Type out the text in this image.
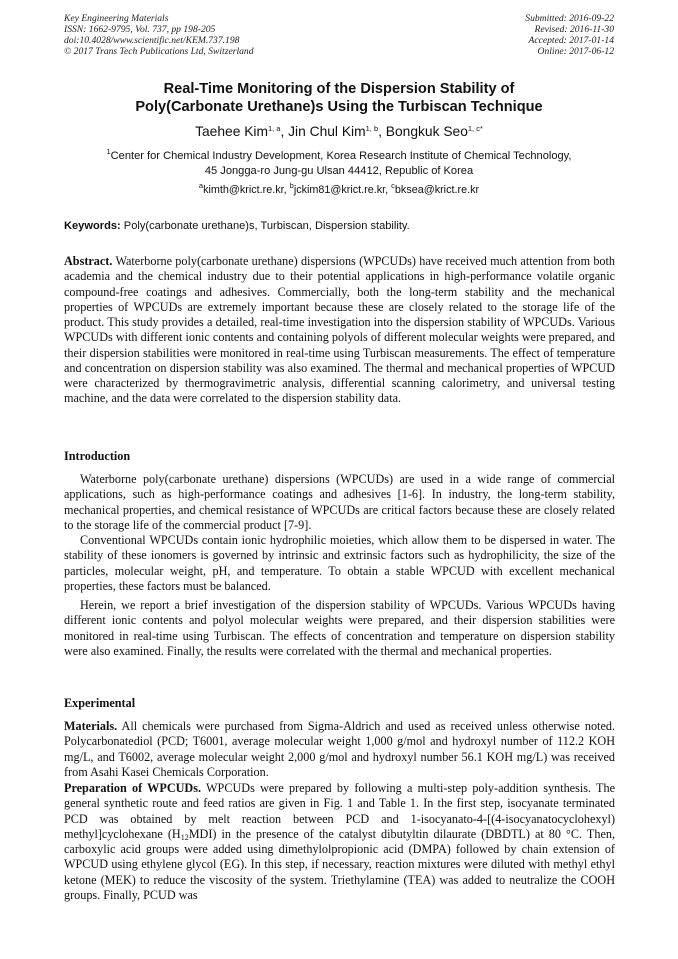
Key Engineering Materials
ISSN: 1662-9795, Vol. 737, pp 198-205
doi:10.4028/www.scientific.net/KEM.737.198
© 2017 Trans Tech Publications Ltd, Switzerland
Submitted: 2016-09-22
Revised: 2016-11-30
Accepted: 2017-01-14
Online: 2017-06-12
Real-Time Monitoring of the Dispersion Stability of
Poly(Carbonate Urethane)s Using the Turbiscan Technique
Taehee Kim$^{1, a}$, Jin Chul Kim$^{1, b}$, Bongkuk Seo$^{1, c*}$
$^1$Center for Chemical Industry Development, Korea Research Institute of Chemical Technology,
45 Jongga-ro Jung-gu Ulsan 44412, Republic of Korea
$^a$kimth@krict.re.kr, $^b$jckim81@krict.re.kr, $^c$bksea@krict.re.kr
Keywords: Poly(carbonate urethane)s, Turbiscan, Dispersion stability.
Abstract. Waterborne poly(carbonate urethane) dispersions (WPCUDs) have received much attention from both academia and the chemical industry due to their potential applications in high-performance volatile organic compound-free coatings and adhesives. Commercially, both the long-term stability and the mechanical properties of WPCUDs are extremely important because these are closely related to the storage life of the product. This study provides a detailed, real-time investigation into the dispersion stability of WPCUDs. Various WPCUDs with different ionic contents and containing polyols of different molecular weights were prepared, and their dispersion stabilities were monitored in real-time using Turbiscan measurements. The effect of temperature and concentration on dispersion stability was also examined. The thermal and mechanical properties of WPCUD were characterized by thermogravimetric analysis, differential scanning calorimetry, and universal testing machine, and the data were correlated to the dispersion stability data.
Introduction
Waterborne poly(carbonate urethane) dispersions (WPCUDs) are used in a wide range of commercial applications, such as high-performance coatings and adhesives [1-6]. In industry, the long-term stability, mechanical properties, and chemical resistance of WPCUDs are critical factors because these are closely related to the storage life of the commercial product [7-9].
Conventional WPCUDs contain ionic hydrophilic moieties, which allow them to be dispersed in water. The stability of these ionomers is governed by intrinsic and extrinsic factors such as hydrophilicity, the size of the particles, molecular weight, pH, and temperature. To obtain a stable WPCUD with excellent mechanical properties, these factors must be balanced.
Herein, we report a brief investigation of the dispersion stability of WPCUDs. Various WPCUDs having different ionic contents and polyol molecular weights were prepared, and their dispersion stabilities were monitored in real-time using Turbiscan. The effects of concentration and temperature on dispersion stability were also examined. Finally, the results were correlated with the thermal and mechanical properties.
Experimental
Materials. All chemicals were purchased from Sigma-Aldrich and used as received unless otherwise noted. Polycarbonatediol (PCD; T6001, average molecular weight 1,000 g/mol and hydroxyl number of 112.2 KOH mg/L, and T6002, average molecular weight 2,000 g/mol and hydroxyl number 56.1 KOH mg/L) was received from Asahi Kasei Chemicals Corporation.
Preparation of WPCUDs. WPCUDs were prepared by following a multi-step poly-addition synthesis. The general synthetic route and feed ratios are given in Fig. 1 and Table 1. In the first step, isocyanate terminated PCD was obtained by melt reaction between PCD and 1-isocyanato-4-[(4-isocyanatocyclohexyl) methyl]cyclohexane $(H_{12}MDI)$ in the presence of the catalyst dibutyltin dilaurate (DBDTL) at 80 °C. Then, carboxylic acid groups were added using dimethylolpropionic acid (DMPA) followed by chain extension of WPCUD using ethylene glycol (EG). In this step, if necessary, reaction mixtures were diluted with methyl ethyl ketone (MEK) to reduce the viscosity of the system. Triethylamine (TEA) was added to neutralize the COOH groups. Finally, PCUD was
